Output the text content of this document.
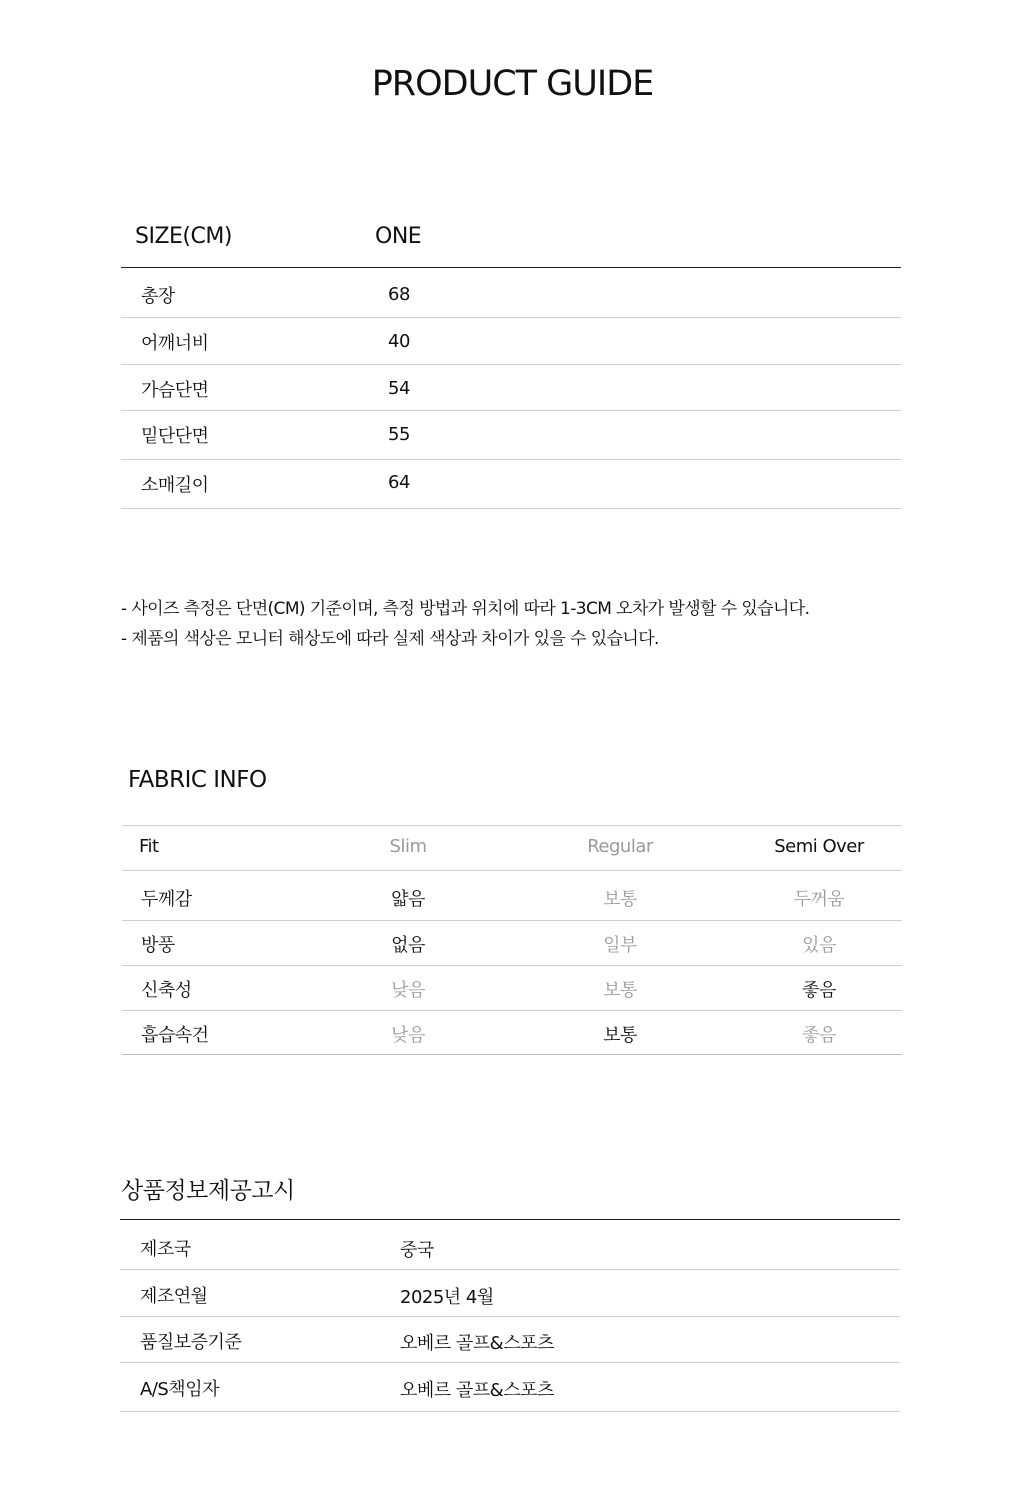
PRODUCT GUIDE
SIZE(CM)	ONE
총장	68
어깨너비	40
가슴단면	54
밑단단면	55
소매길이	64
- 사이즈 측정은 단면(CM) 기준이며, 측정 방법과 위치에 따라 1-3CM 오차가 발생할 수 있습니다.
- 제품의 색상은 모니터 해상도에 따라 실제 색상과 차이가 있을 수 있습니다.
FABRIC INFO
Fit	Slim	Regular	Semi Over
두께감	얇음	보통	두꺼움
방풍	없음	일부	있음
신축성	낮음	보통	좋음
흡습속건	낮음	보통	좋음
상품정보제공고시
제조국	중국
제조연월	2025년 4월
품질보증기준	오베르 골프&스포츠
A/S책임자	오베르 골프&스포츠
